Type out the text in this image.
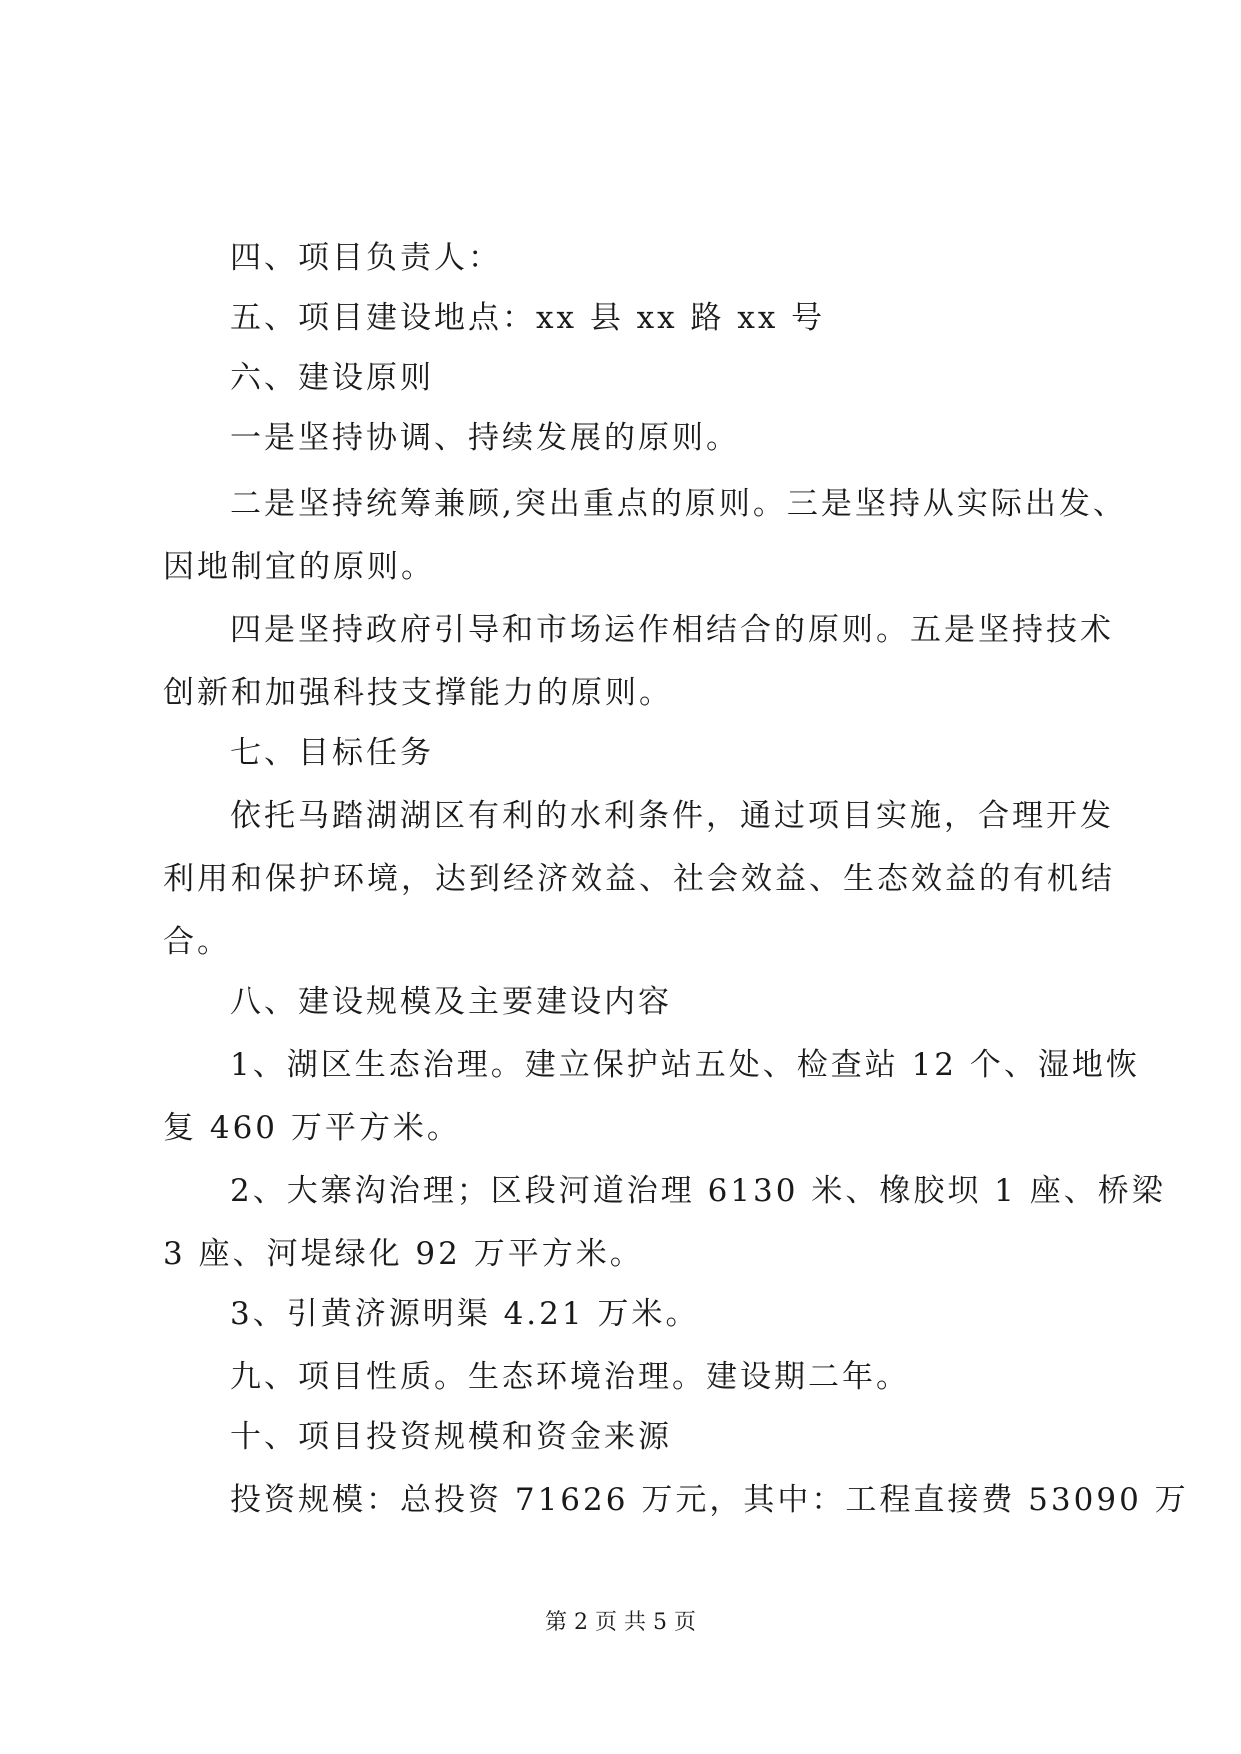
四、项目负责人：
五、项目建设地点：xx 县 xx 路 xx 号
六、建设原则
一是坚持协调、持续发展的原则。
二是坚持统筹兼顾,突出重点的原则。三是坚持从实际出发、
因地制宜的原则。
四是坚持政府引导和市场运作相结合的原则。五是坚持技术
创新和加强科技支撑能力的原则。
七、目标任务
依托马踏湖湖区有利的水利条件，通过项目实施，合理开发
利用和保护环境，达到经济效益、社会效益、生态效益的有机结
合。
八、建设规模及主要建设内容
1、湖区生态治理。建立保护站五处、检查站 12 个、湿地恢
复 460 万平方米。
2、大寨沟治理；区段河道治理 6130 米、橡胶坝 1 座、桥梁
3 座、河堤绿化 92 万平方米。
3、引黄济源明渠 4.21 万米。
九、项目性质。生态环境治理。建设期二年。
十、项目投资规模和资金来源
投资规模：总投资 71626 万元，其中：工程直接费 53090 万
第 2 页 共 5 页
